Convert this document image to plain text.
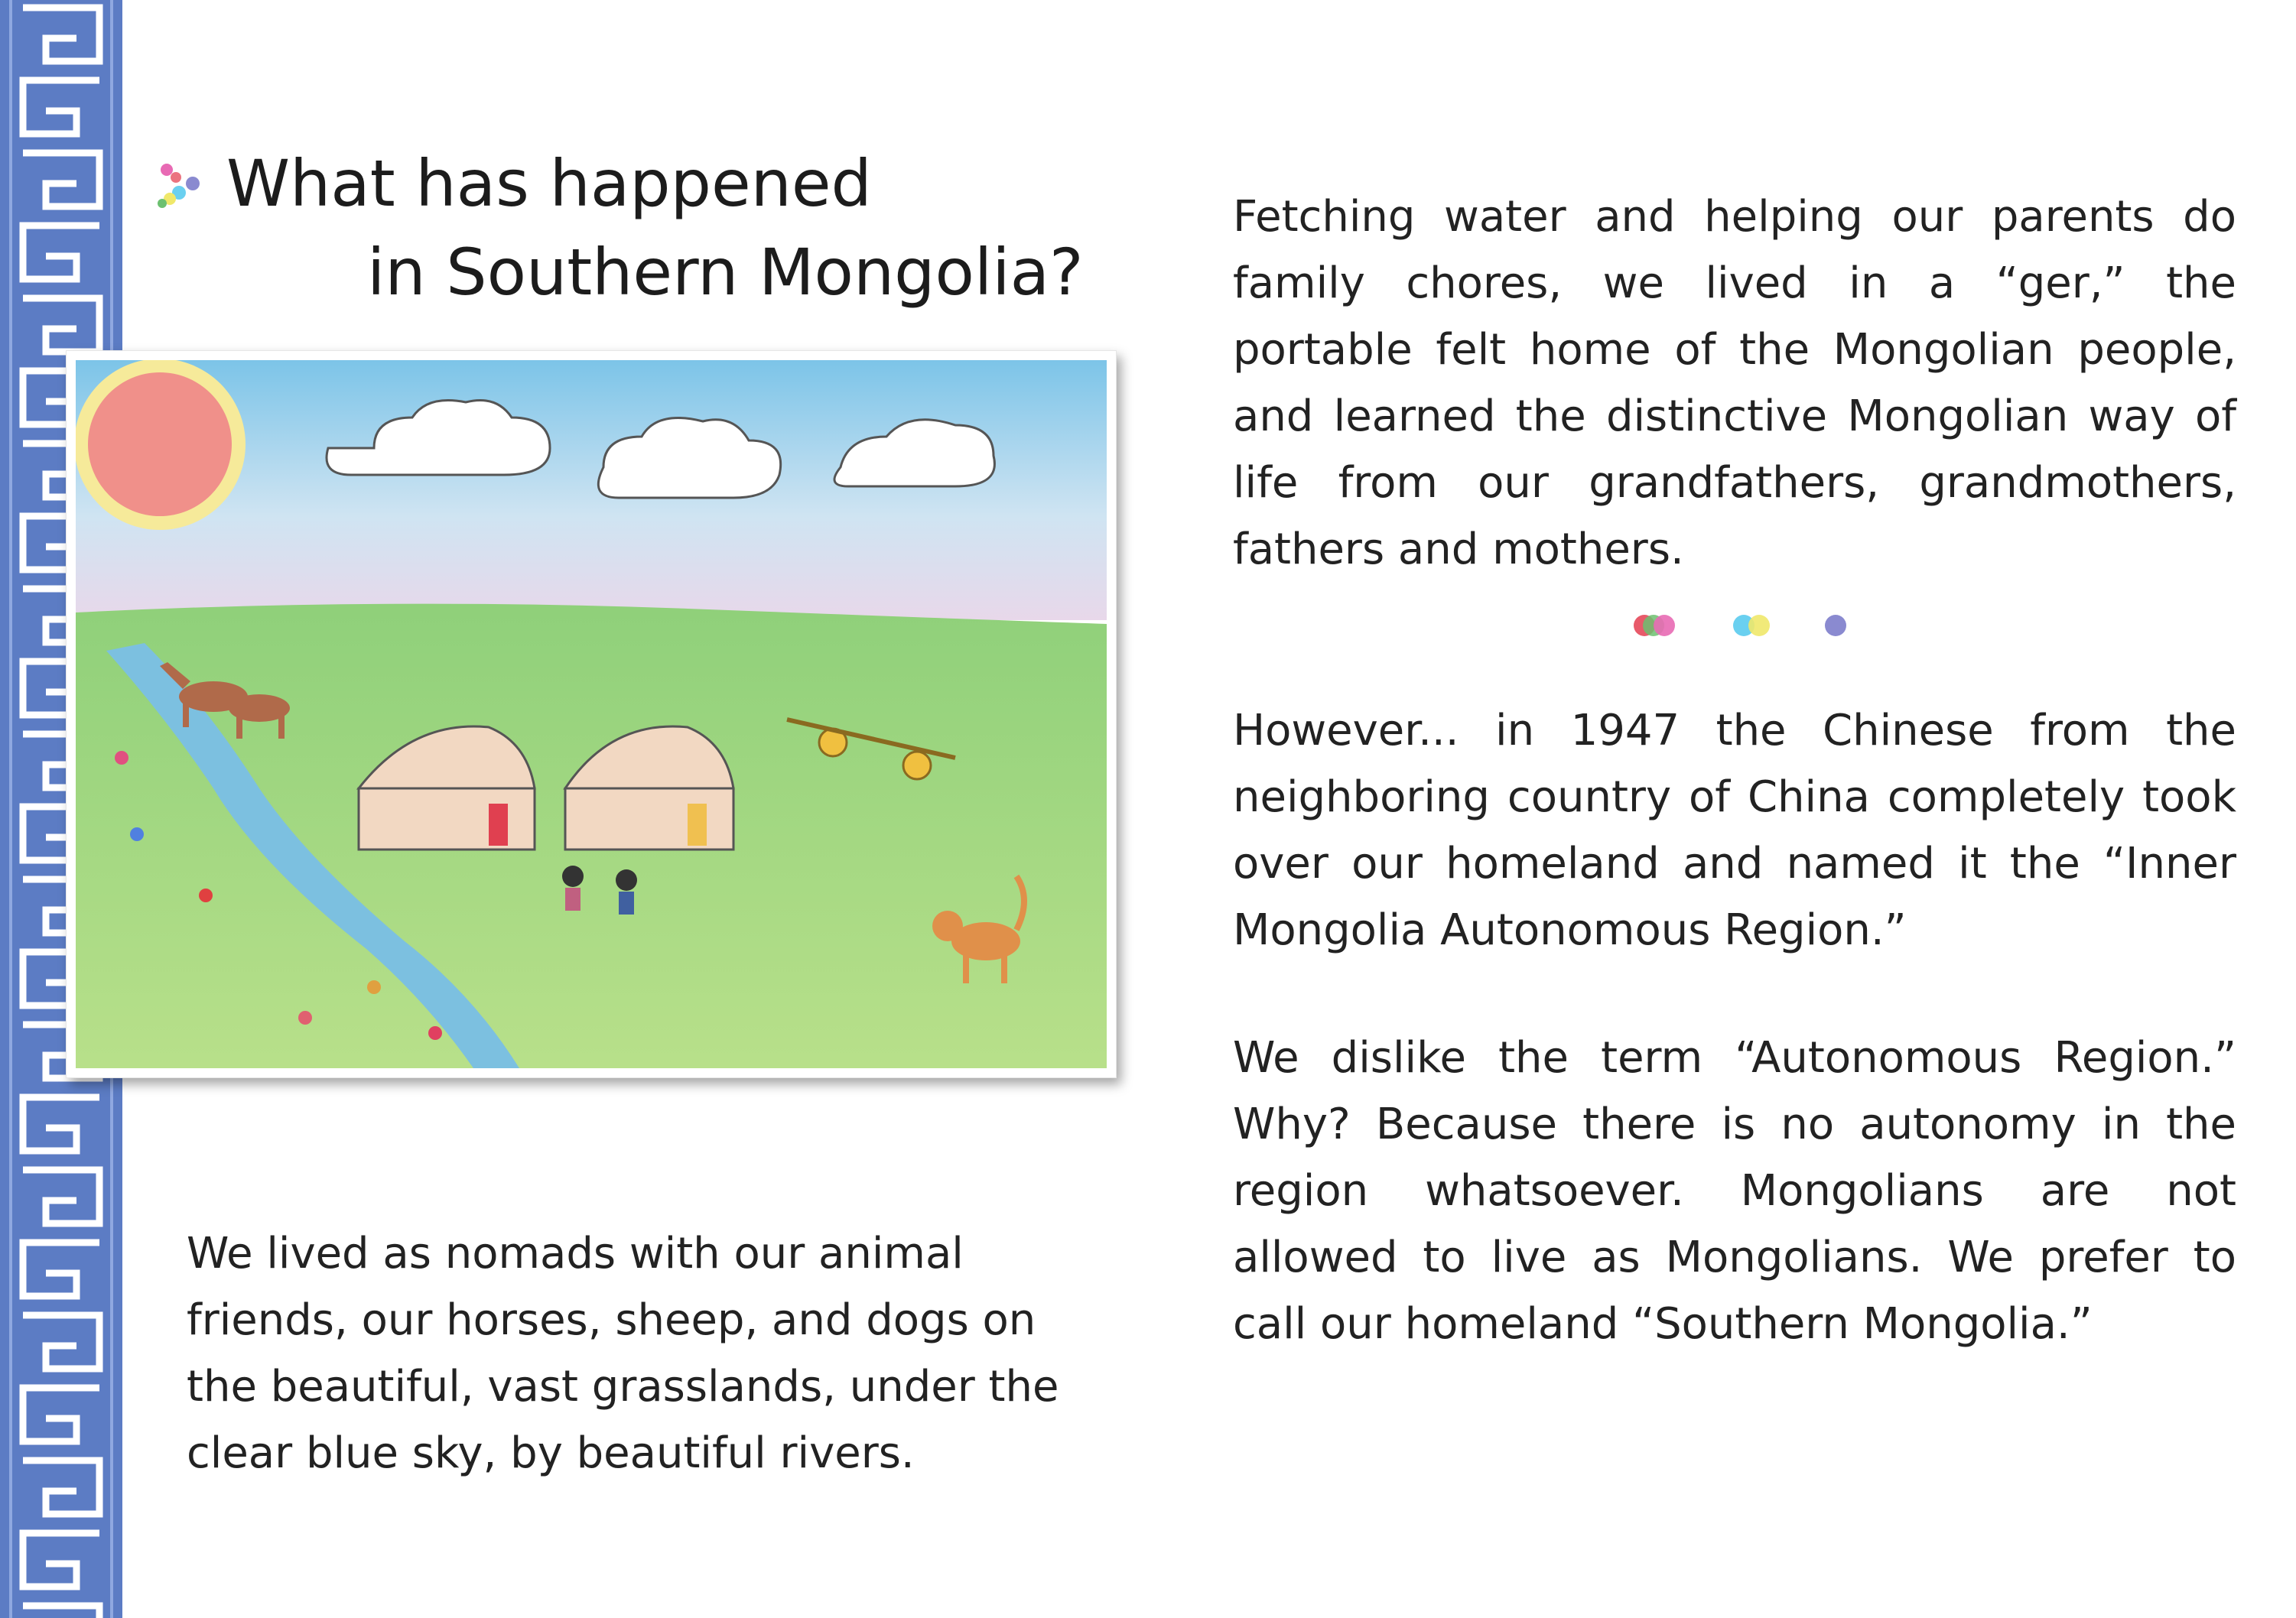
What has happened
in Southern Mongolia?
We lived as nomads with our animal friends, our horses, sheep, and dogs on the beautiful, vast grasslands, under the clear blue sky, by beautiful rivers.
Fetching water and helping our parents do family chores, we lived in a “ger,” the portable felt home of the Mongolian people, and learned the distinctive Mongolian way of life from our grandfathers, grandmothers, fathers and mothers.
However... in 1947 the Chinese from the neighboring country of China completely took over our homeland and named it the “Inner Mongolia Autonomous Region.”
We dislike the term “Autonomous Region.” Why? Because there is no autonomy in the region whatsoever. Mongolians are not allowed to live as Mongolians. We prefer to call our homeland “Southern Mongolia.”
